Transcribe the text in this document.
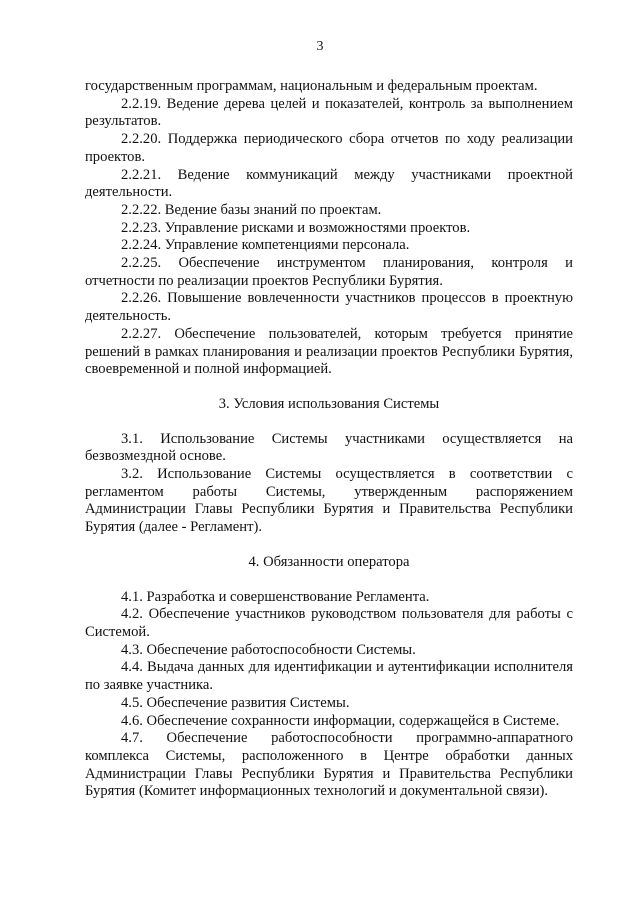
3

государственным программам, национальным и федеральным проектам.

2.2.19. Ведение дерева целей и показателей, контроль за выполнением результатов.

2.2.20. Поддержка периодического сбора отчетов по ходу реализации проектов.

2.2.21. Ведение коммуникаций между участниками проектной деятельности.

2.2.22. Ведение базы знаний по проектам.

2.2.23. Управление рисками и возможностями проектов.

2.2.24. Управление компетенциями персонала.

2.2.25. Обеспечение инструментом планирования, контроля и отчетности по реализации проектов Республики Бурятия.

2.2.26. Повышение вовлеченности участников процессов в проектную деятельность.

2.2.27. Обеспечение пользователей, которым требуется принятие решений в рамках планирования и реализации проектов Республики Бурятия, своевременной и полной информацией.

3. Условия использования Системы

3.1. Использование Системы участниками осуществляется на безвозмездной основе.

3.2. Использование Системы осуществляется в соответствии с регламентом работы Системы, утвержденным распоряжением Администрации Главы Республики Бурятия и Правительства Республики Бурятия (далее - Регламент).

4. Обязанности оператора

4.1. Разработка и совершенствование Регламента.

4.2. Обеспечение участников руководством пользователя для работы с Системой.

4.3. Обеспечение работоспособности Системы.

4.4. Выдача данных для идентификации и аутентификации исполнителя по заявке участника.

4.5. Обеспечение развития Системы.

4.6. Обеспечение сохранности информации, содержащейся в Системе.

4.7. Обеспечение работоспособности программно-аппаратного комплекса Системы, расположенного в Центре обработки данных Администрации Главы Республики Бурятия и Правительства Республики Бурятия (Комитет информационных технологий и документальной связи).
